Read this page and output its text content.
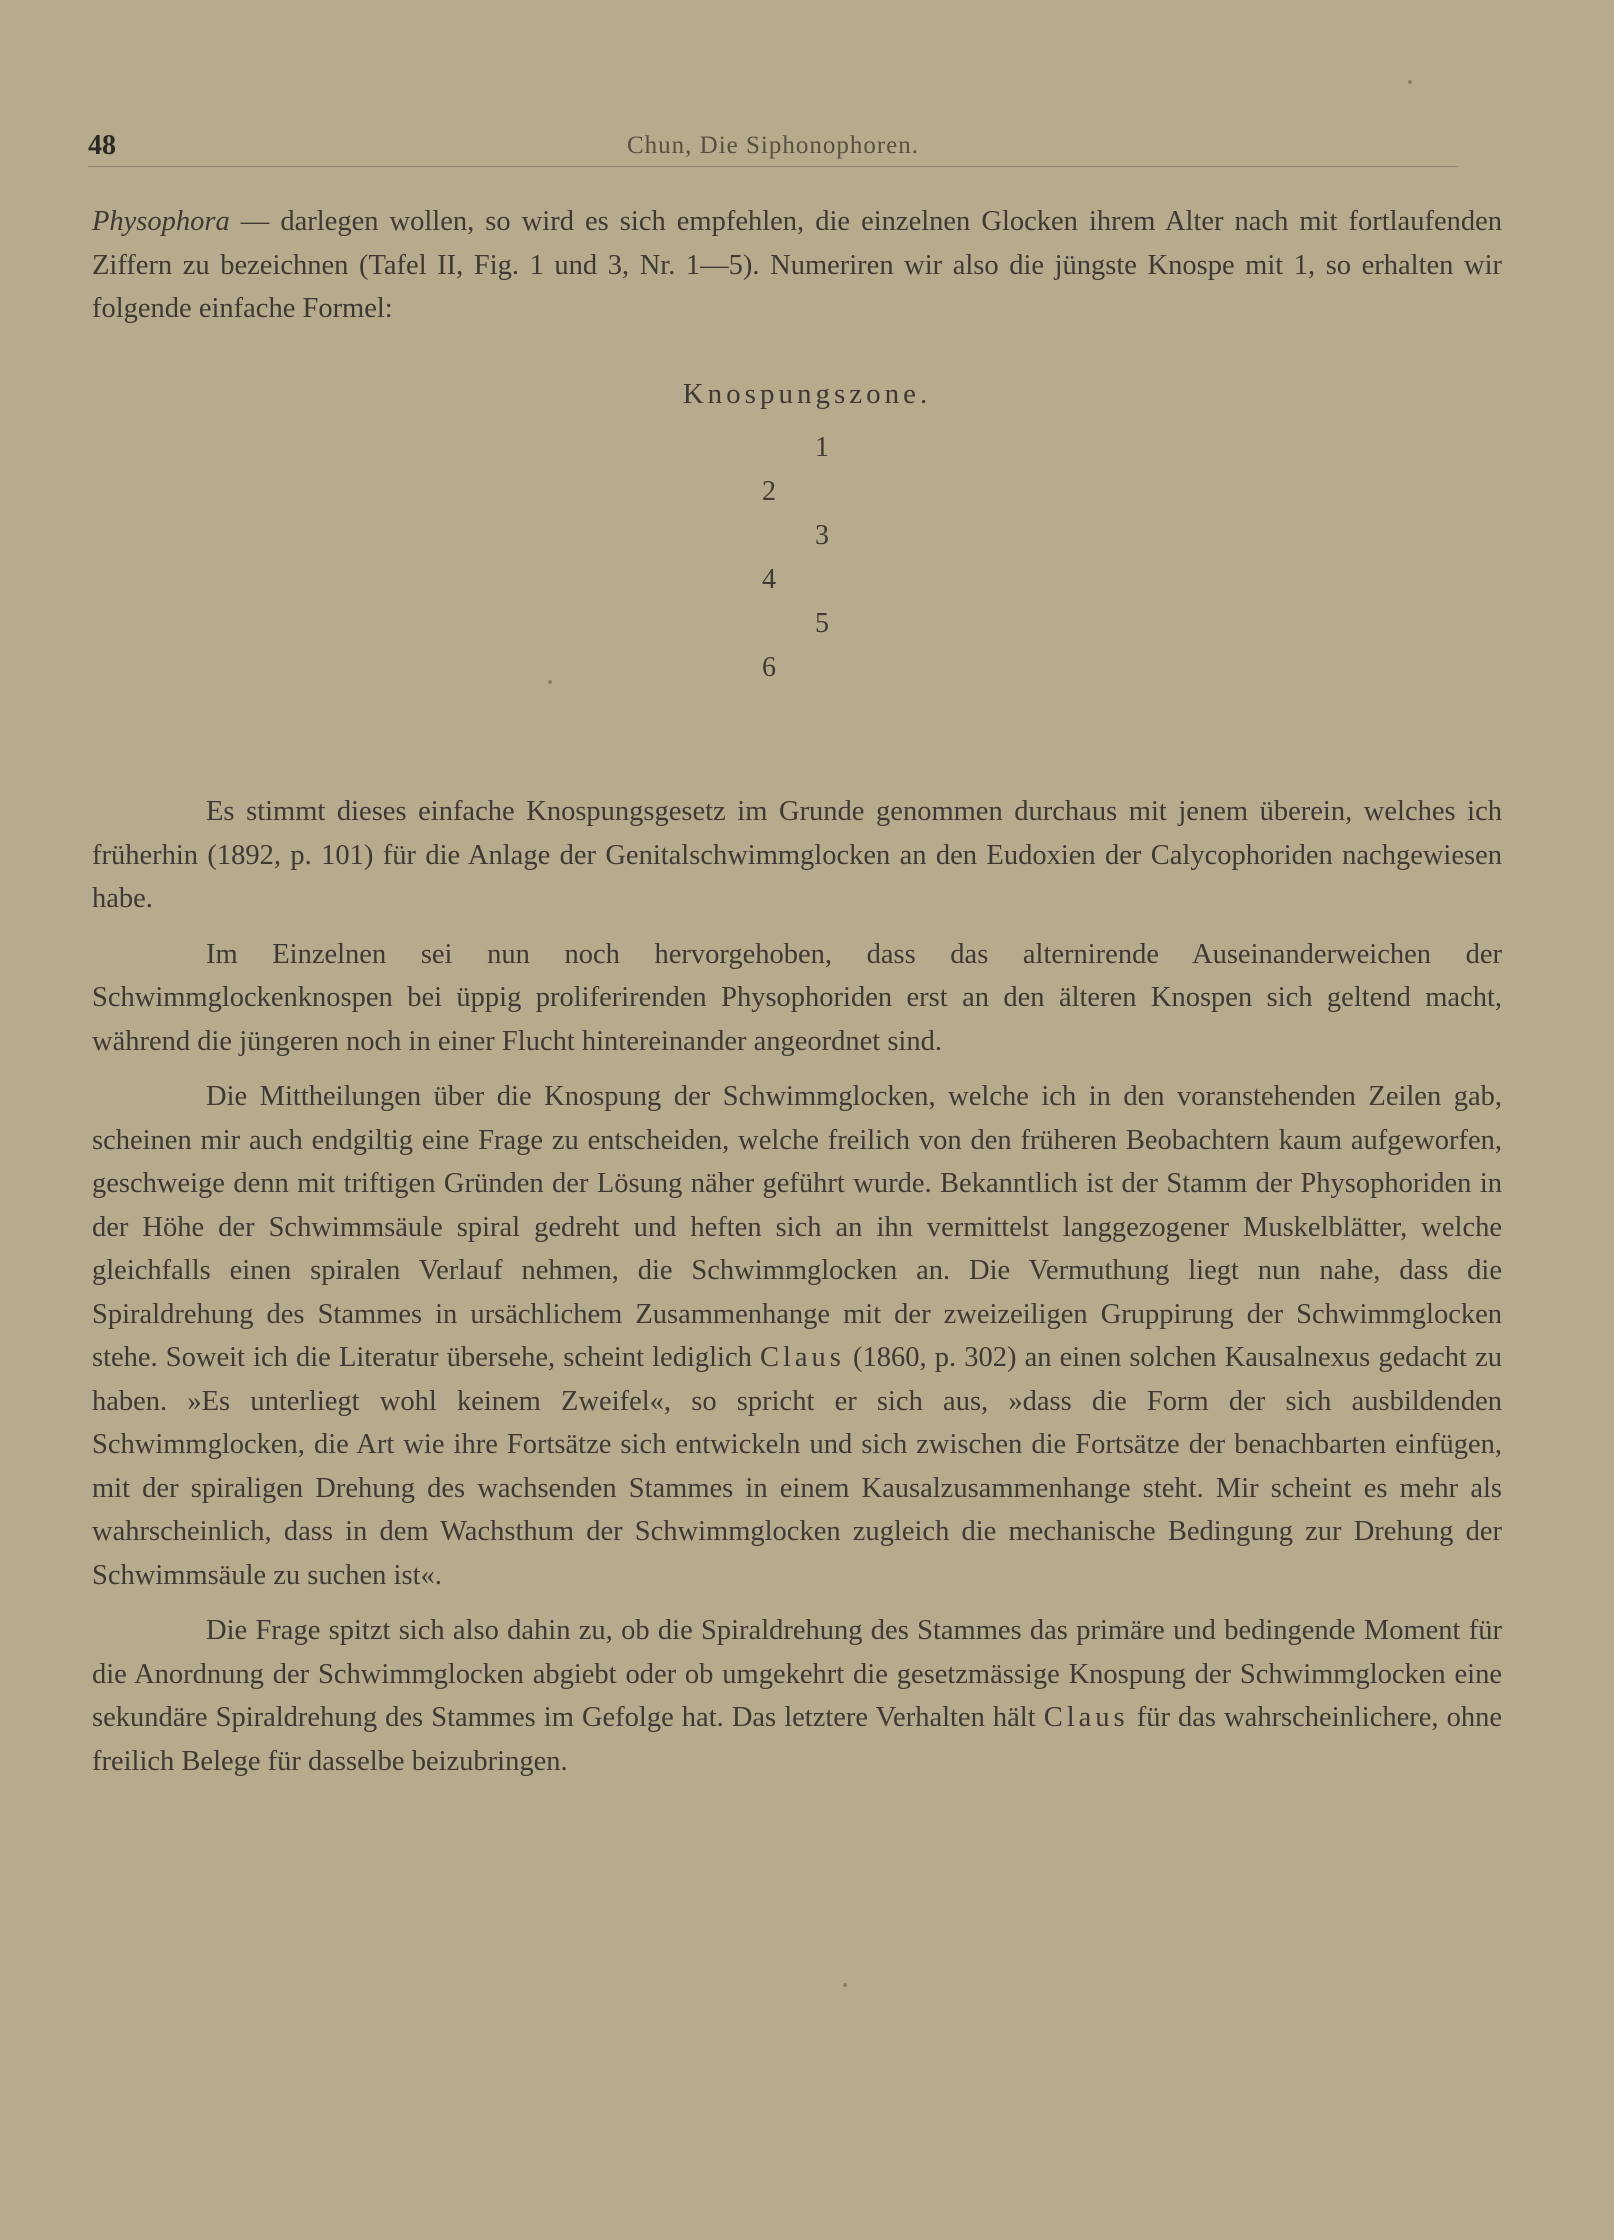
48	Chun, Die Siphonophoren.

Physophora — darlegen wollen, so wird es sich empfehlen, die einzelnen Glocken ihrem Alter nach mit fortlaufenden Ziffern zu bezeichnen (Tafel II, Fig. 1 und 3, Nr. 1—5). Numeriren wir also die jüngste Knospe mit 1, so erhalten wir folgende einfache Formel:

Knospungszone.
1
2
3
4
5
6

Es stimmt dieses einfache Knospungsgesetz im Grunde genommen durchaus mit jenem überein, welches ich früherhin (1892, p. 101) für die Anlage der Genitalschwimmglocken an den Eudoxien der Calycophoriden nachgewiesen habe.

Im Einzelnen sei nun noch hervorgehoben, dass das alternirende Auseinanderweichen der Schwimmglockenknospen bei üppig proliferirenden Physophoriden erst an den älteren Knospen sich geltend macht, während die jüngeren noch in einer Flucht hintereinander angeordnet sind.

Die Mittheilungen über die Knospung der Schwimmglocken, welche ich in den voranstehenden Zeilen gab, scheinen mir auch endgiltig eine Frage zu entscheiden, welche freilich von den früheren Beobachtern kaum aufgeworfen, geschweige denn mit triftigen Gründen der Lösung näher geführt wurde. Bekanntlich ist der Stamm der Physophoriden in der Höhe der Schwimmsäule spiral gedreht und heften sich an ihn vermittelst langgezogener Muskelblätter, welche gleichfalls einen spiralen Verlauf nehmen, die Schwimmglocken an. Die Vermuthung liegt nun nahe, dass die Spiraldrehung des Stammes in ursächlichem Zusammenhange mit der zweizeiligen Gruppirung der Schwimmglocken stehe. Soweit ich die Literatur übersehe, scheint lediglich Claus (1860, p. 302) an einen solchen Kausalnexus gedacht zu haben. »Es unterliegt wohl keinem Zweifel«, so spricht er sich aus, »dass die Form der sich ausbildenden Schwimmglocken, die Art wie ihre Fortsätze sich entwickeln und sich zwischen die Fortsätze der benachbarten einfügen, mit der spiraligen Drehung des wachsenden Stammes in einem Kausalzusammenhange steht. Mir scheint es mehr als wahrscheinlich, dass in dem Wachsthum der Schwimmglocken zugleich die mechanische Bedingung zur Drehung der Schwimmsäule zu suchen ist«.

Die Frage spitzt sich also dahin zu, ob die Spiraldrehung des Stammes das primäre und bedingende Moment für die Anordnung der Schwimmglocken abgiebt oder ob umgekehrt die gesetzmässige Knospung der Schwimmglocken eine sekundäre Spiraldrehung des Stammes im Gefolge hat. Das letztere Verhalten hält Claus für das wahrscheinlichere, ohne freilich Belege für dasselbe beizubringen.
